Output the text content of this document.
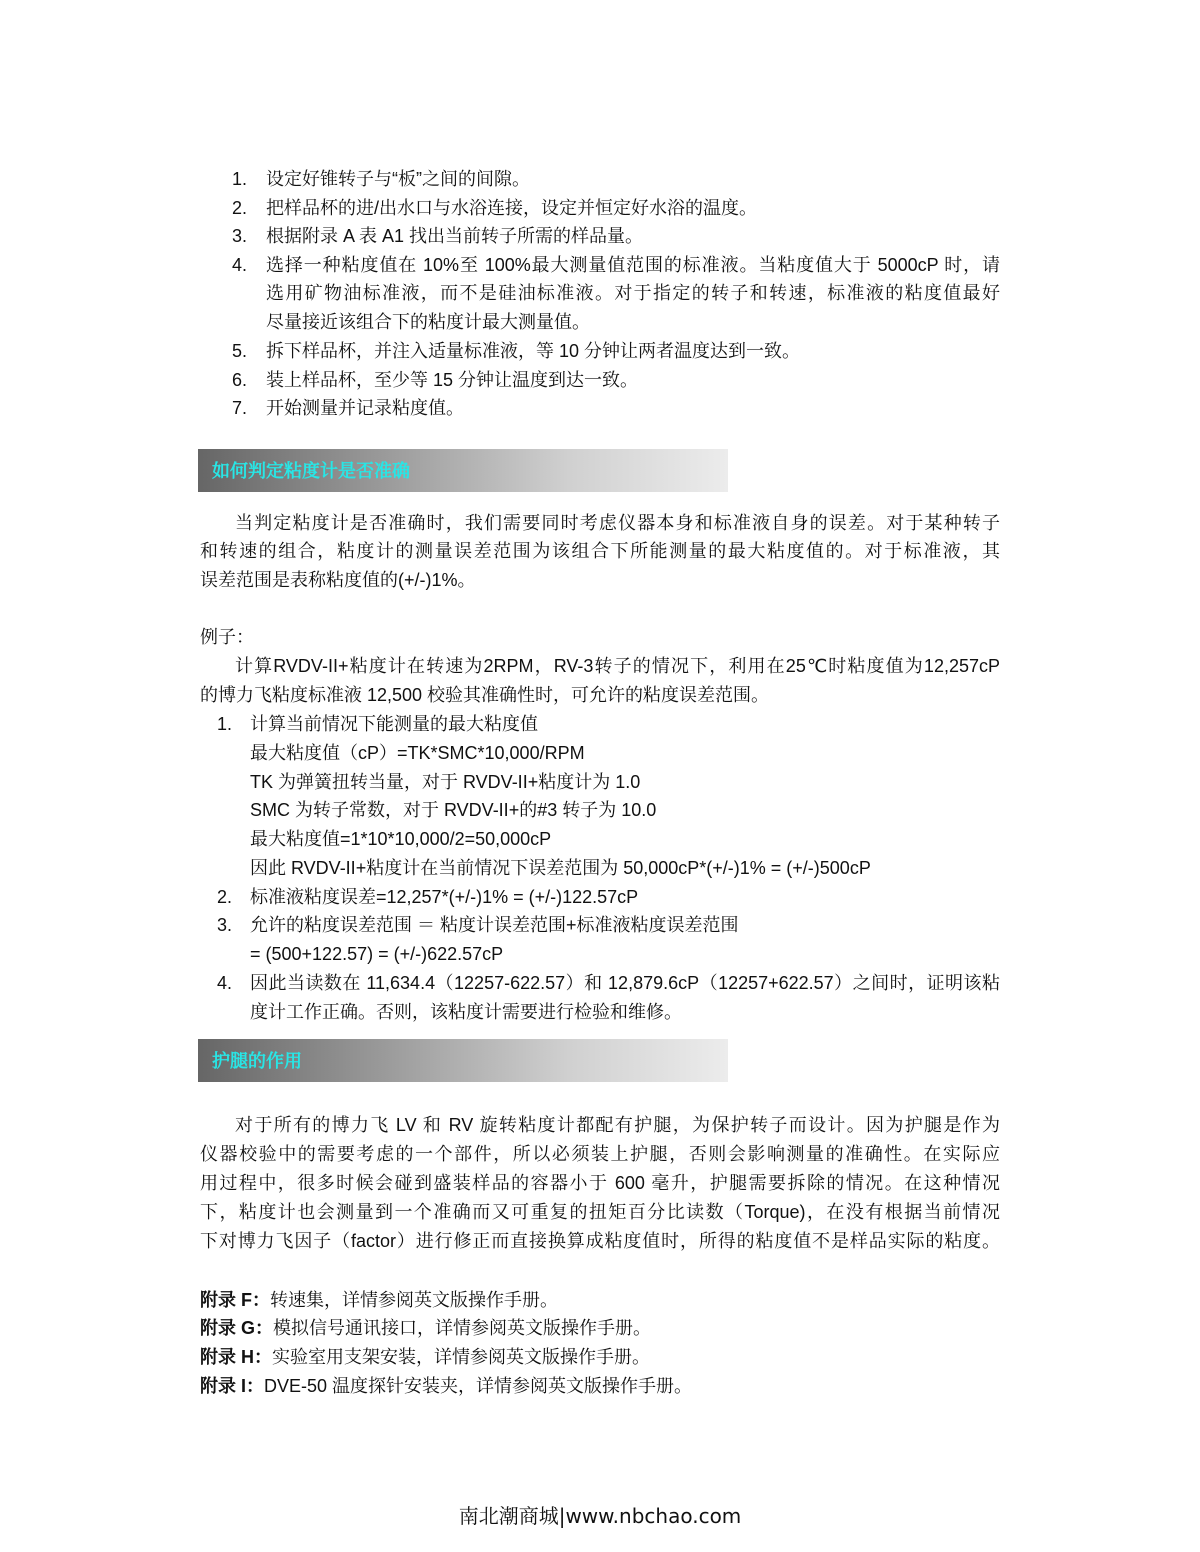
1. 设定好锥转子与“板”之间的间隙。
2. 把样品杯的进/出水口与水浴连接，设定并恒定好水浴的温度。
3. 根据附录 A 表 A1 找出当前转子所需的样品量。
4. 选择一种粘度值在 10%至 100%最大测量值范围的标准液。当粘度值大于 5000cP 时，请
选用矿物油标准液，而不是硅油标准液。对于指定的转子和转速，标准液的粘度值最好
尽量接近该组合下的粘度计最大测量值。
5. 拆下样品杯，并注入适量标准液，等 10 分钟让两者温度达到一致。
6. 装上样品杯，至少等 15 分钟让温度到达一致。
7. 开始测量并记录粘度值。
如何判定粘度计是否准确
当判定粘度计是否准确时，我们需要同时考虑仪器本身和标准液自身的误差。对于某种转子
和转速的组合，粘度计的测量误差范围为该组合下所能测量的最大粘度值的。对于标准液，其
误差范围是表称粘度值的(+/-)1%。
例子：
计算RVDV-II+粘度计在转速为2RPM，RV-3转子的情况下，利用在25℃时粘度值为12,257cP
的博力飞粘度标准液 12,500 校验其准确性时，可允许的粘度误差范围。
1. 计算当前情况下能测量的最大粘度值
最大粘度值（cP）=TK*SMC*10,000/RPM
TK 为弹簧扭转当量，对于 RVDV-II+粘度计为 1.0
SMC 为转子常数，对于 RVDV-II+的#3 转子为 10.0
最大粘度值=1*10*10,000/2=50,000cP
因此 RVDV-II+粘度计在当前情况下误差范围为 50,000cP*(+/-)1% = (+/-)500cP
2. 标准液粘度误差=12,257*(+/-)1% = (+/-)122.57cP
3. 允许的粘度误差范围 ＝ 粘度计误差范围+标准液粘度误差范围
= (500+122.57) = (+/-)622.57cP
4. 因此当读数在 11,634.4（12257-622.57）和 12,879.6cP（12257+622.57）之间时，证明该粘
度计工作正确。否则，该粘度计需要进行检验和维修。
护腿的作用
对于所有的博力飞 LV 和 RV 旋转粘度计都配有护腿，为保护转子而设计。因为护腿是作为
仪器校验中的需要考虑的一个部件，所以必须装上护腿，否则会影响测量的准确性。在实际应
用过程中，很多时候会碰到盛装样品的容器小于 600 毫升，护腿需要拆除的情况。在这种情况
下，粘度计也会测量到一个准确而又可重复的扭矩百分比读数（Torque)，在没有根据当前情况
下对博力飞因子（factor）进行修正而直接换算成粘度值时，所得的粘度值不是样品实际的粘度。
附录 F：转速集，详情参阅英文版操作手册。
附录 G：模拟信号通讯接口，详情参阅英文版操作手册。
附录 H：实验室用支架安装，详情参阅英文版操作手册。
附录 I：DVE-50 温度探针安装夹，详情参阅英文版操作手册。
南北潮商城|www.nbchao.com
